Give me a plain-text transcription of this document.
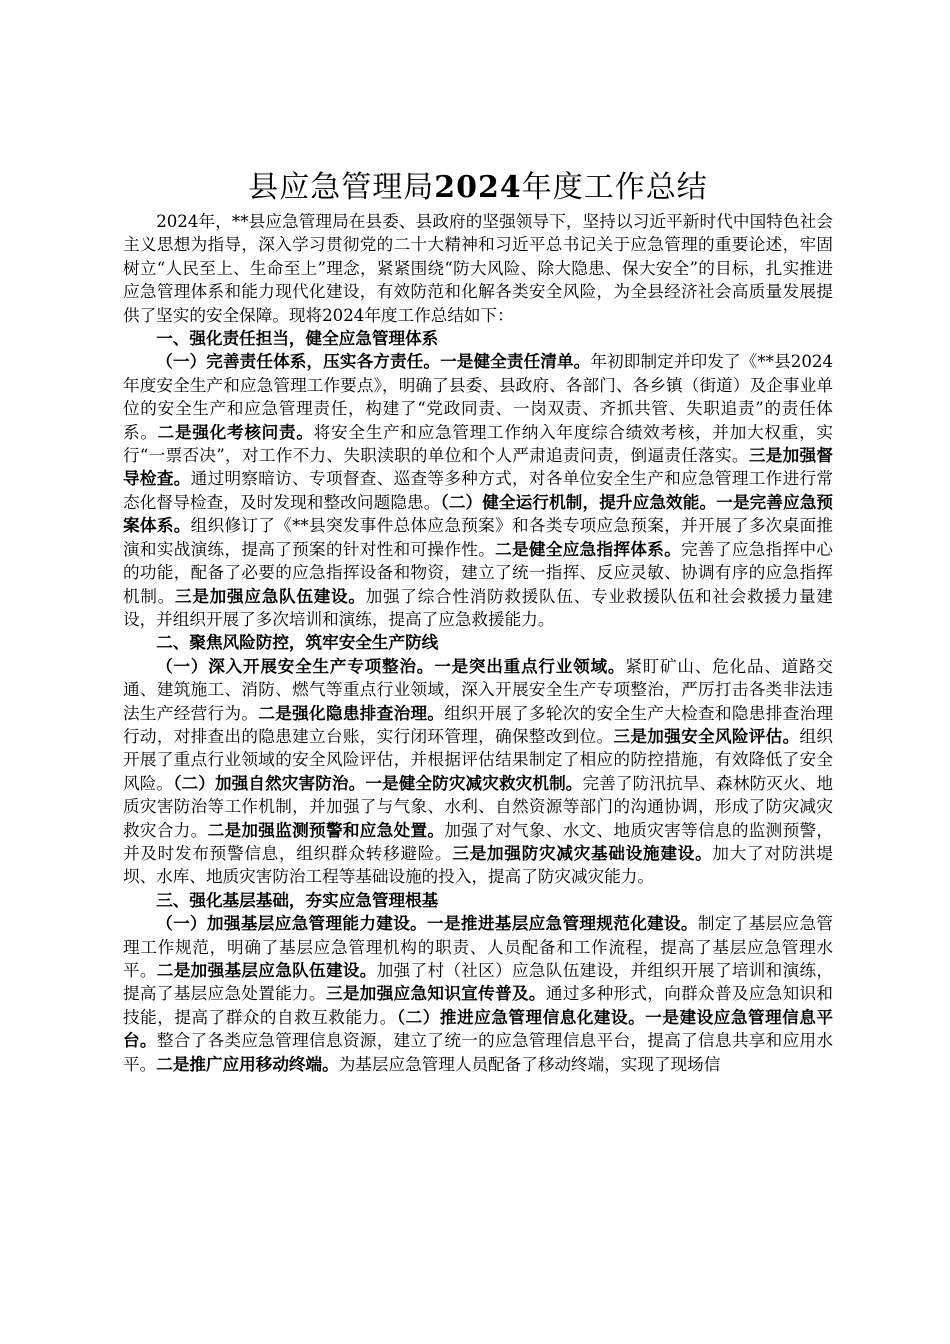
县应急管理局2024年度工作总结

2024年，**县应急管理局在县委、县政府的坚强领导下，坚持以习近平新时代中国特色社会主义思想为指导，深入学习贯彻党的二十大精神和习近平总书记关于应急管理的重要论述，牢固树立“人民至上、生命至上”理念，紧紧围绕“防大风险、除大隐患、保大安全”的目标，扎实推进应急管理体系和能力现代化建设，有效防范和化解各类安全风险，为全县经济社会高质量发展提供了坚实的安全保障。现将2024年度工作总结如下：

一、强化责任担当，健全应急管理体系

（一）完善责任体系，压实各方责任。一是健全责任清单。年初即制定并印发了《**县2024年度安全生产和应急管理工作要点》，明确了县委、县政府、各部门、各乡镇（街道）及企事业单位的安全生产和应急管理责任，构建了“党政同责、一岗双责、齐抓共管、失职追责”的责任体系。二是强化考核问责。将安全生产和应急管理工作纳入年度综合绩效考核，并加大权重，实行“一票否决”，对工作不力、失职渎职的单位和个人严肃追责问责，倒逼责任落实。三是加强督导检查。通过明察暗访、专项督查、巡查等多种方式，对各单位安全生产和应急管理工作进行常态化督导检查，及时发现和整改问题隐患。（二）健全运行机制，提升应急效能。一是完善应急预案体系。组织修订了《**县突发事件总体应急预案》和各类专项应急预案，并开展了多次桌面推演和实战演练，提高了预案的针对性和可操作性。二是健全应急指挥体系。完善了应急指挥中心的功能，配备了必要的应急指挥设备和物资，建立了统一指挥、反应灵敏、协调有序的应急指挥机制。三是加强应急队伍建设。加强了综合性消防救援队伍、专业救援队伍和社会救援力量建设，并组织开展了多次培训和演练，提高了应急救援能力。

二、聚焦风险防控，筑牢安全生产防线

（一）深入开展安全生产专项整治。一是突出重点行业领域。紧盯矿山、危化品、道路交通、建筑施工、消防、燃气等重点行业领域，深入开展安全生产专项整治，严厉打击各类非法违法生产经营行为。二是强化隐患排查治理。组织开展了多轮次的安全生产大检查和隐患排查治理行动，对排查出的隐患建立台账，实行闭环管理，确保整改到位。三是加强安全风险评估。组织开展了重点行业领域的安全风险评估，并根据评估结果制定了相应的防控措施，有效降低了安全风险。（二）加强自然灾害防治。一是健全防灾减灾救灾机制。完善了防汛抗旱、森林防灭火、地质灾害防治等工作机制，并加强了与气象、水利、自然资源等部门的沟通协调，形成了防灾减灾救灾合力。二是加强监测预警和应急处置。加强了对气象、水文、地质灾害等信息的监测预警，并及时发布预警信息，组织群众转移避险。三是加强防灾减灾基础设施建设。加大了对防洪堤坝、水库、地质灾害防治工程等基础设施的投入，提高了防灾减灾能力。

三、强化基层基础，夯实应急管理根基

（一）加强基层应急管理能力建设。一是推进基层应急管理规范化建设。制定了基层应急管理工作规范，明确了基层应急管理机构的职责、人员配备和工作流程，提高了基层应急管理水平。二是加强基层应急队伍建设。加强了村（社区）应急队伍建设，并组织开展了培训和演练，提高了基层应急处置能力。三是加强应急知识宣传普及。通过多种形式，向群众普及应急知识和技能，提高了群众的自救互救能力。（二）推进应急管理信息化建设。一是建设应急管理信息平台。整合了各类应急管理信息资源，建立了统一的应急管理信息平台，提高了信息共享和应用水平。二是推广应用移动终端。为基层应急管理人员配备了移动终端，实现了现场信
